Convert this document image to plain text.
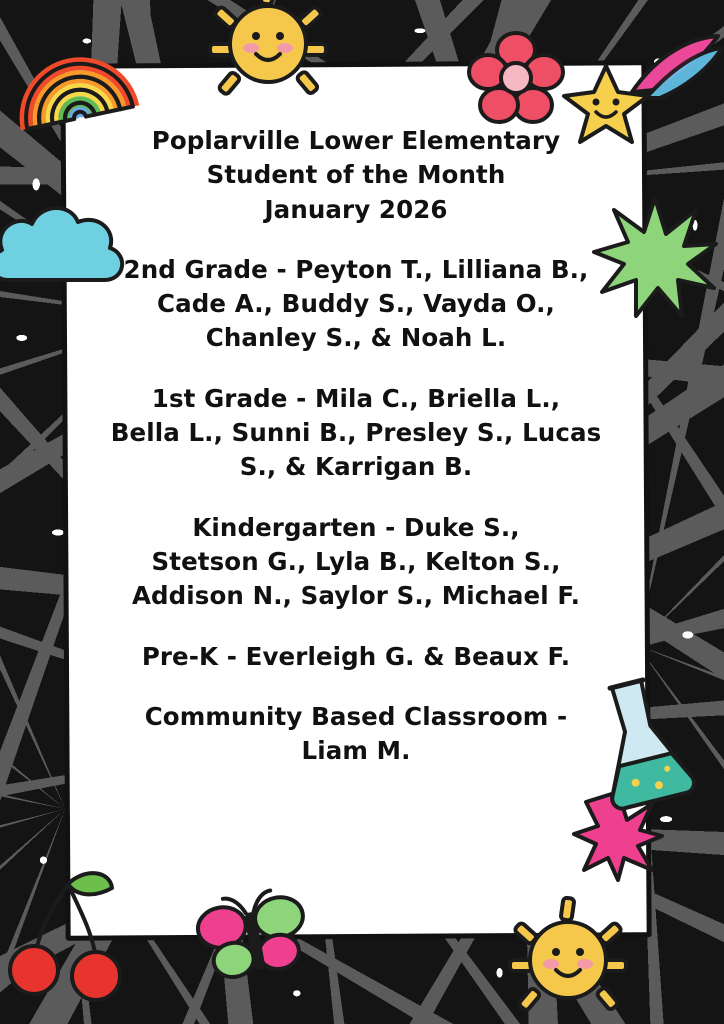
Poplarville Lower Elementary
Student of the Month
January 2026
2nd Grade - Peyton T., Lilliana B.,
Cade A., Buddy S., Vayda O.,
Chanley S., & Noah L.
1st Grade - Mila C., Briella L.,
Bella L., Sunni B., Presley S., Lucas
S., & Karrigan B.
Kindergarten - Duke S.,
Stetson G., Lyla B., Kelton S.,
Addison N., Saylor S., Michael F.
Pre-K - Everleigh G. & Beaux F.
Community Based Classroom -
Liam M.
